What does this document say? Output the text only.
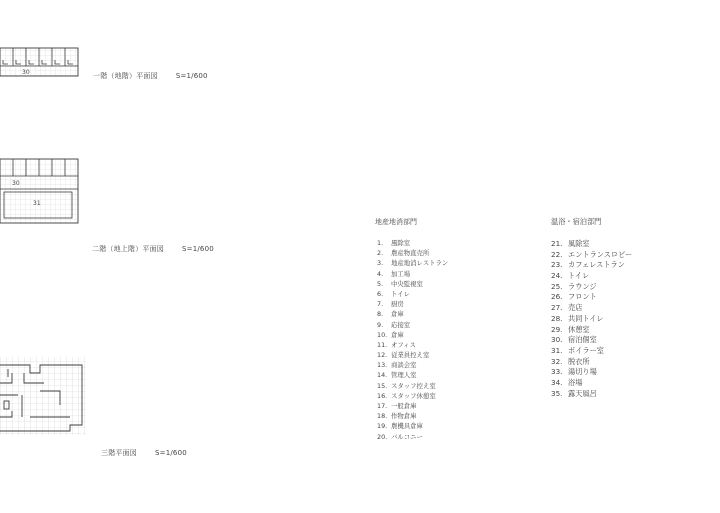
30	一階（地階）平面図	S=1/600
30
31
二階（地上階）平面図	S=1/600
三階平面図	S=1/600
地産地消部門
1. 風除室
2. 農産物直売所
3. 地産地消レストラン
4. 加工場
5. 中央監視室
6. トイレ
7. 厨房
8. 倉庫
9. 応接室
10. 倉庫
11. オフィス
12. 従業員控え室
13. 商談会室
14. 管理人室
15. スタッフ控え室
16. スタッフ休憩室
17. 一般倉庫
18. 作物倉庫
19. 農機具倉庫
20. バルコニー
温浴・宿泊部門
21. 風除室
22. エントランスロビー
23. カフェレストラン
24. トイレ
25. ラウンジ
26. フロント
27. 売店
28. 共同トイレ
29. 休憩室
30. 宿泊個室
31. ボイラー室
32. 脱衣所
33. 湯切り場
34. 浴場
35. 露天風呂
